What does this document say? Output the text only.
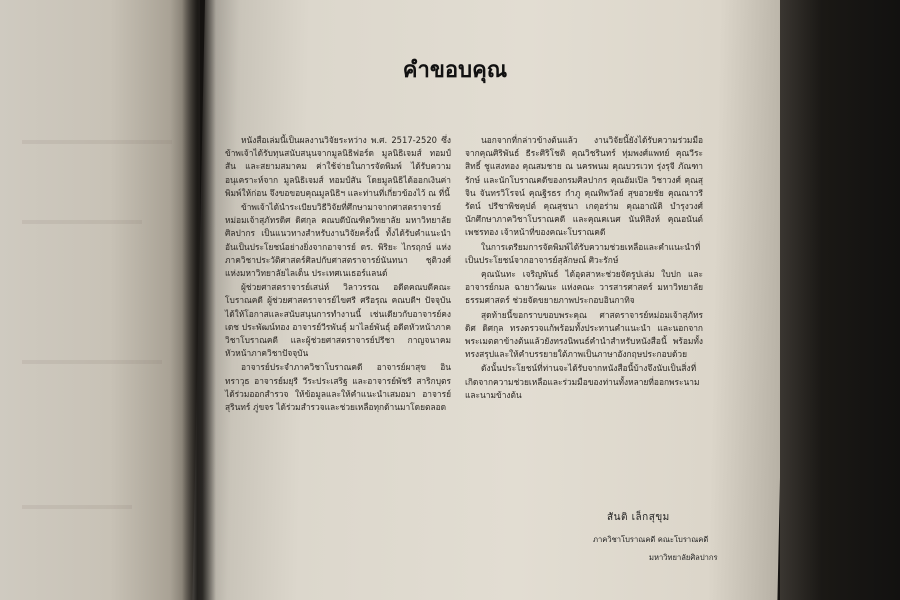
คำขอบคุณ

หนังสือเล่มนี้เป็นผลงานวิจัยระหว่าง พ.ศ. 2517-2520 ซึ่งข้าพเจ้าได้รับทุนสนับสนุนจากมูลนิธิฟอร์ด มูลนิธิเจมส์ ทอมป์สัน และสยามสมาคม ค่าใช้จ่ายในการจัดพิมพ์ ได้รับความอนุเคราะห์จาก มูลนิธิเจมส์ ทอมป์สัน โดยมูลนิธิได้ออกเงินค่าพิมพ์ให้ก่อน จึงขอขอบคุณมูลนิธิฯ และท่านที่เกี่ยวข้องไว้ ณ ที่นี้

ข้าพเจ้าได้นำระเบียบวิธีวิจัยที่ศึกษามาจากศาสตราจารย์หม่อมเจ้าสุภัทรดิศ ดิศกุล คณบดีบัณฑิตวิทยาลัย มหาวิทยาลัยศิลปากร เป็นแนวทางสำหรับงานวิจัยครั้งนี้ ทั้งได้รับคำแนะนำอันเป็นประโยชน์อย่างยิ่งจากอาจารย์ ดร. พิริยะ ไกรฤกษ์ แห่งภาควิชาประวัติศาสตร์ศิลปกับศาสตราจารย์นันทนา ชุติวงศ์ แห่งมหาวิทยาลัยไลเด็น ประเทศเนเธอร์แลนด์

ผู้ช่วยศาสตราจารย์เสน่ห์ วิลาวรรณ อดีตคณบดีคณะโบราณคดี ผู้ช่วยศาสตราจารย์ไขศรี ศรีอรุณ คณบดีฯ ปัจจุบัน ได้ให้โอกาสและสนับสนุนการทำงานนี้ เช่นเดียวกับอาจารย์คงเดช ประพัฒน์ทอง อาจารย์วีรพันธุ์ มาไลย์พันธุ์ อดีตหัวหน้าภาควิชาโบราณคดี และผู้ช่วยศาสตราจารย์ปรีชา กาญจนาคม หัวหน้าภาควิชาปัจจุบัน

อาจารย์ประจำภาควิชาโบราณคดี อาจารย์ผาสุข อินทราวุธ อาจารย์มยุรี วีระประเสริฐ และอาจารย์พัชรี สาริกบุตร ได้ร่วมออกสำรวจ ให้ข้อมูลและให้คำแนะนำเสมอมา อาจารย์สุรินทร์ ภู่ขจร ได้ร่วมสำรวจและช่วยเหลือทุกด้านมาโดยตลอด

นอกจากที่กล่าวข้างต้นแล้ว งานวิจัยนี้ยังได้รับความร่วมมือจากคุณศิริพันธ์ ธีระศิริโชติ คุณวิชรินทร์ ทุ่มพงศ์แพทย์ คุณวีระสิทธิ์ ชูแสงทอง คุณสมชาย ณ นครพนม คุณบวรเวท รุ่งรุจี ภัณฑารักษ์ และนักโบราณคดีของกรมศิลปากร คุณอัมเปิล วิชาวงศ์ คุณสุจิน จันทรวิโรจน์ คุณฐิรธร กำภู คุณทิพวัลย์ สุขอวยชัย คุณณาวรีรัตน์ ปรีชาพิชคุปต์ คุณสุชนา เกตุอร่าม คุณอาณัติ บำรุงวงศ์นักศึกษาภาควิชาโบราณคดี และคุณคเนศ นันทิสิงห์ คุณอนันต์ เพชรทอง เจ้าหน้าที่ของคณะโบราณคดี

ในการเตรียมการจัดพิมพ์ได้รับความช่วยเหลือและคำแนะนำที่เป็นประโยชน์จากอาจารย์สุลักษณ์ ศิวะรักษ์

คุณนันทะ เจริญพันธ์ ได้อุตสาหะช่วยจัดรูปเล่ม ใบปก และอาจารย์กมล ฉายาวัฒนะ แห่งคณะ วารสารศาสตร์ มหาวิทยาลัยธรรมศาสตร์ ช่วยจัดขยายภาพประกอบอินกาทิจ

สุดท้ายนี้ขอกราบขอบพระคุณ ศาสตราจารย์หม่อมเจ้าสุภัทรดิศ ดิศกุล ทรงตรวจแก้พร้อมทั้งประทานคำแนะนำ และนอกจากพระเมตตาข้างต้นแล้วยังทรงนิพนธ์คำนำสำหรับหนังสือนี้ พร้อมทั้งทรงสรุปและให้คำบรรยายใต้ภาพเป็นภาษาอังกฤษประกอบด้วย

ดังนั้นประโยชน์ที่ท่านจะได้รับจากหนังสือนี้บ้างจึงนับเป็นสิ่งที่เกิดจากความช่วยเหลือและร่วมมือของท่านทั้งหลายที่ออกพระนามและนามข้างต้น

สันติ เล็กสุขุม
ภาควิชาโบราณคดี คณะโบราณคดี
มหาวิทยาลัยศิลปากร
